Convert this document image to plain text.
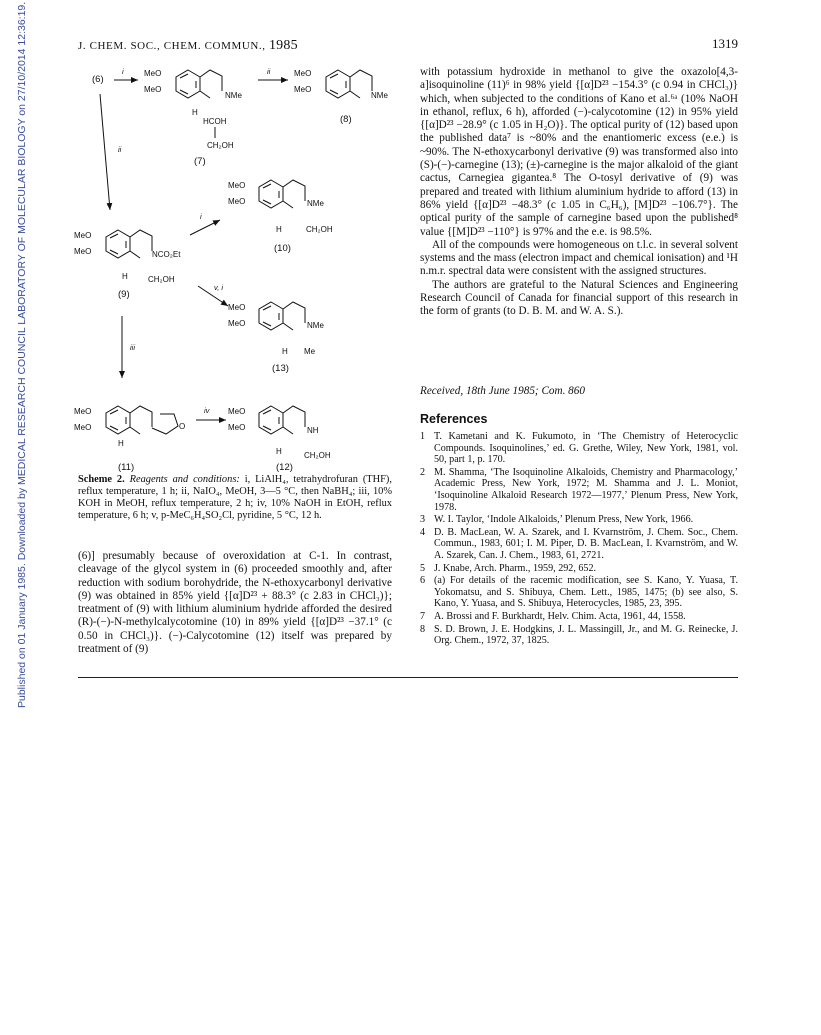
Published on 01 January 1985. Downloaded by MEDICAL RESEARCH COUNCIL LABORATORY OF MOLECULAR BIOLOGY on 27/10/2014 12:36:19.	J. CHEM. SOC., CHEM. COMMUN., 1985	1319
(6)
i	MeO
MeO
NMe
H
HCOH
CH₂OH
(7)
ii	MeO
MeO
NMe
(8)
ii
MeO
MeO	NMe
H	CH₂OH
(10)
i
MeO
MeO	NCO₂Et
H	CH₂OH
(9)
v, i
MeO
MeO	NMe
H Me
(13)
iii
MeO
MeO	O
H
(11)
iv MeO
MeO	NH
H	CH₂OH
(12)
Scheme 2. Reagents and conditions: i, LiAlH₄, tetrahydrofuran (THF), reflux temperature, 1 h; ii, NaIO₄, MeOH, 3—5 °C, then NaBH₄; iii, 10% KOH in MeOH, reflux temperature, 2 h; iv, 10% NaOH in EtOH, reflux temperature, 6 h; v, p-MeC₆H₄SO₂Cl, pyridine, 5 °C, 12 h.

(6)] presumably because of overoxidation at C-1. In contrast, cleavage of the glycol system in (6) proceeded smoothly and, after reduction with sodium borohydride, the N-ethoxycarbonyl derivative (9) was obtained in 85% yield {[α]D²³ + 88.3° (c 2.83 in CHCl₃)}; treatment of (9) with lithium aluminium hydride afforded the desired (R)-(−)-N-methylcalycotomine (10) in 89% yield {[α]D²³ −37.1° (c 0.50 in CHCl₃)}. (−)-Calycotomine (12) itself was prepared by treatment of (9)

with potassium hydroxide in methanol to give the oxazolo[4,3-a]isoquinoline (11)⁶ in 98% yield {[α]D²³ −154.3° (c 0.94 in CHCl₃)} which, when subjected to the conditions of Kano et al.⁶ᵃ (10% NaOH in ethanol, reflux, 6 h), afforded (−)-calycotomine (12) in 95% yield {[α]D²³ −28.9° (c 1.05 in H₂O)}. The optical purity of (12) based upon the published data⁷ is ~80% and the enantiomeric excess (e.e.) is ~90%. The N-ethoxycarbonyl derivative (9) was transformed also into (S)-(−)-carnegine (13); (±)-carnegine is the major alkaloid of the giant cactus, Carnegiea gigantea.⁸ The O-tosyl derivative of (9) was prepared and treated with lithium aluminium hydride to afford (13) in 86% yield {[α]D²³ −48.3° (c 1.05 in C₆H₆), [M]D²³ −106.7°}. The optical purity of the sample of carnegine based upon the published⁸ value {[M]D²³ −110°} is 97% and the e.e. is 98.5%.

All of the compounds were homogeneous on t.l.c. in several solvent systems and the mass (electron impact and chemical ionisation) and ¹H n.m.r. spectral data were consistent with the assigned structures.

The authors are grateful to the Natural Sciences and Engineering Research Council of Canada for financial support of this research in the form of grants (to D. B. M. and W. A. S.).

Received, 18th June 1985; Com. 860
References
1 T. Kametani and K. Fukumoto, in ‘The Chemistry of Heterocyclic Compounds. Isoquinolines,’ ed. G. Grethe, Wiley, New York, 1981, vol. 50, part 1, p. 170.
2 M. Shamma, ‘The Isoquinoline Alkaloids, Chemistry and Pharmacology,’ Academic Press, New York, 1972; M. Shamma and J. L. Moniot, ‘Isoquinoline Alkaloid Research 1972—1977,’ Plenum Press, New York, 1978.
3 W. I. Taylor, ‘Indole Alkaloids,’ Plenum Press, New York, 1966.
4 D. B. MacLean, W. A. Szarek, and I. Kvarnström, J. Chem. Soc., Chem. Commun., 1983, 601; I. M. Piper, D. B. MacLean, I. Kvarnström, and W. A. Szarek, Can. J. Chem., 1983, 61, 2721.
5 J. Knabe, Arch. Pharm., 1959, 292, 652.
6 (a) For details of the racemic modification, see S. Kano, Y. Yuasa, T. Yokomatsu, and S. Shibuya, Chem. Lett., 1985, 1475; (b) see also, S. Kano, Y. Yuasa, and S. Shibuya, Heterocycles, 1985, 23, 395.
7 A. Brossi and F. Burkhardt, Helv. Chim. Acta, 1961, 44, 1558.
8 S. D. Brown, J. E. Hodgkins, J. L. Massingill, Jr., and M. G. Reinecke, J. Org. Chem., 1972, 37, 1825.
